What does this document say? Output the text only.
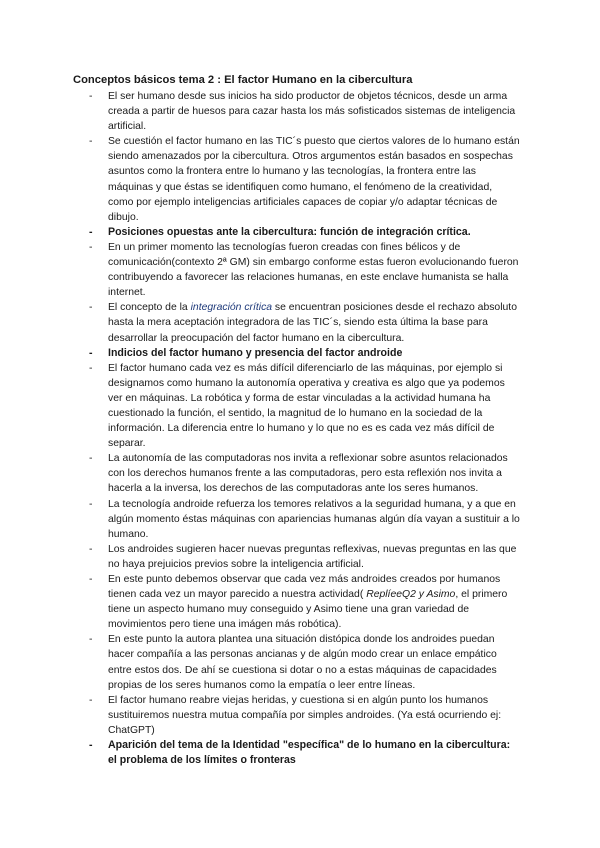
Conceptos básicos tema 2 : El factor Humano en la cibercultura

- El ser humano desde sus inicios ha sido productor de objetos técnicos, desde un arma creada a partir de huesos para cazar hasta los más sofisticados sistemas de inteligencia artificial.

- Se cuestión el factor humano en las TIC´s puesto que ciertos valores de lo humano están siendo amenazados por la cibercultura. Otros argumentos están basados en sospechas asuntos como la frontera entre lo humano y las tecnologías, la frontera entre las máquinas y que éstas se identifiquen como humano, el fenómeno de la creatividad, como por ejemplo inteligencias artificiales capaces de copiar y/o adaptar técnicas de dibujo.

- Posiciones opuestas ante la cibercultura: función de integración crítica.

- En un primer momento las tecnologías fueron creadas con fines bélicos y de comunicación(contexto 2ª GM) sin embargo conforme estas fueron evolucionando fueron contribuyendo a favorecer las relaciones humanas, en este enclave humanista se halla internet.

- El concepto de la integración crítica se encuentran posiciones desde el rechazo absoluto hasta la mera aceptación integradora de las TIC´s, siendo esta última la base para desarrollar la preocupación del factor humano en la cibercultura.

- Indicios del factor humano y presencia del factor androide

- El factor humano cada vez es más difícil diferenciarlo de las máquinas, por ejemplo si designamos como humano la autonomía operativa y creativa es algo que ya podemos ver en máquinas. La robótica y forma de estar vinculadas a la actividad humana ha cuestionado la función, el sentido, la magnitud de lo humano en la sociedad de la información. La diferencia entre lo humano y lo que no es es cada vez más difícil de separar.

- La autonomía de las computadoras nos invita a reflexionar sobre asuntos relacionados con los derechos humanos frente a las computadoras, pero esta reflexión nos invita a hacerla a la inversa, los derechos de las computadoras ante los seres humanos.

- La tecnología androide refuerza los temores relativos a la seguridad humana, y a que en algún momento éstas máquinas con apariencias humanas algún día vayan a sustituir a lo humano.

- Los androides sugieren hacer nuevas preguntas reflexivas, nuevas preguntas en las que no haya prejuicios previos sobre la inteligencia artificial.

- En este punto debemos observar que cada vez más androides creados por humanos tienen cada vez un mayor parecido a nuestra actividad( ReplíeeQ2 y Asimo, el primero tiene un aspecto humano muy conseguido y Asimo tiene una gran variedad de movimientos pero tiene una imágen más robótica).

- En este punto la autora plantea una situación distópica donde los androides puedan hacer compañía a las personas ancianas y de algún modo crear un enlace empático entre estos dos. De ahí se cuestiona si dotar o no a estas máquinas de capacidades propias de los seres humanos como la empatía o leer entre líneas.

- El factor humano reabre viejas heridas, y cuestiona si en algún punto los humanos sustituiremos nuestra mutua compañía por simples androides. (Ya está ocurriendo ej: ChatGPT)

- Aparición del tema de la Identidad "específica" de lo humano en la cibercultura: el problema de los límites o fronteras
